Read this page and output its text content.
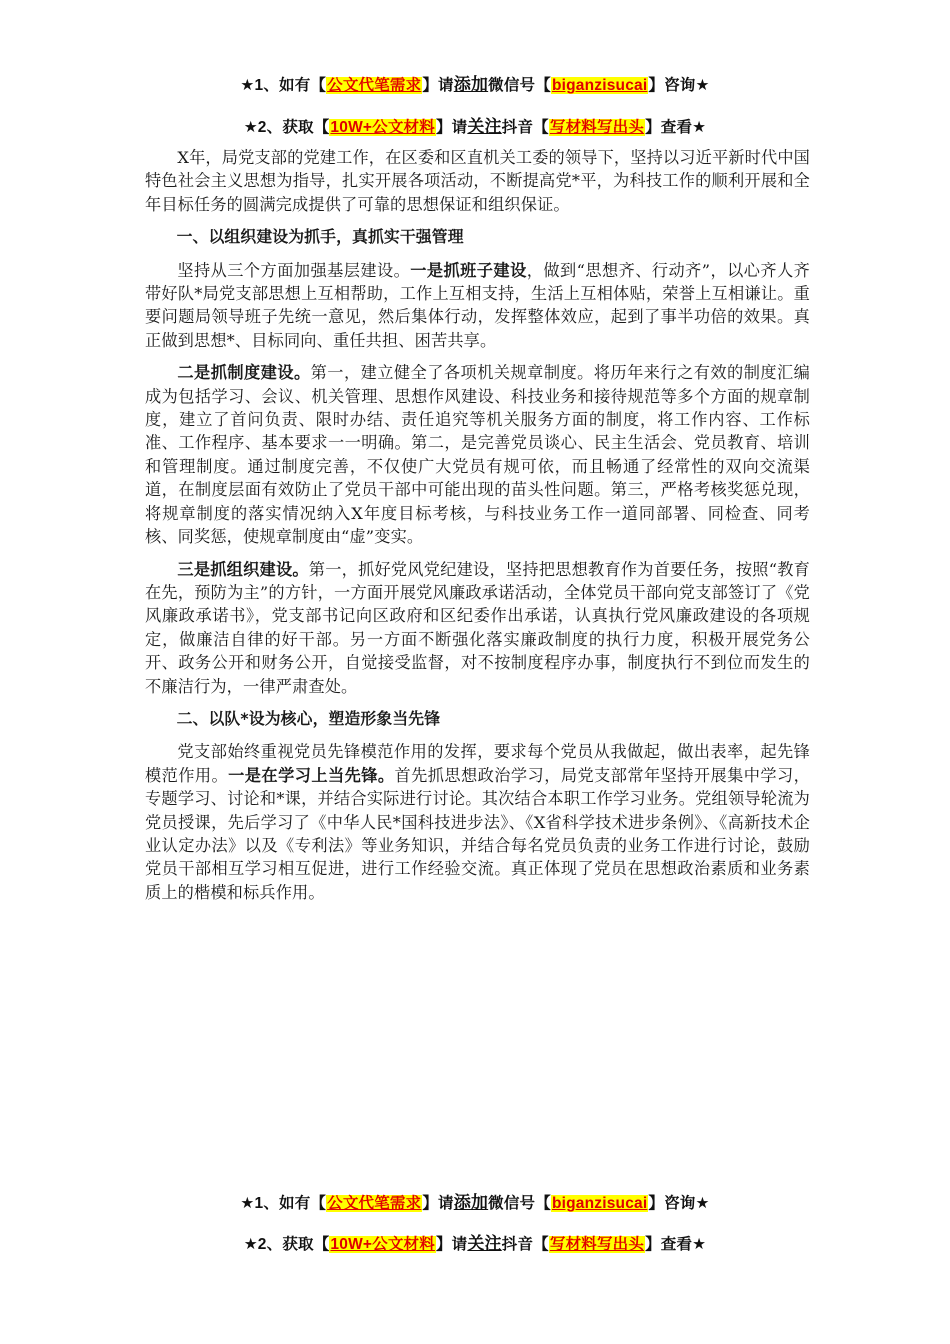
★1、如有【公文代笔需求】请添加微信号【biganzisucai】咨询★
★2、获取【10W+公文材料】请关注抖音【写材料写出头】查看★

X年，局党支部的党建工作，在区委和区直机关工委的领导下，坚持以习近平新时代中国特色社会主义思想为指导，扎实开展各项活动，不断提高党*平，为科技工作的顺利开展和全年目标任务的圆满完成提供了可靠的思想保证和组织保证。

一、以组织建设为抓手，真抓实干强管理

坚持从三个方面加强基层建设。一是抓班子建设，做到“思想齐、行动齐”，以心齐人齐带好队*局党支部思想上互相帮助，工作上互相支持，生活上互相体贴，荣誉上互相谦让。重要问题局领导班子先统一意见，然后集体行动，发挥整体效应，起到了事半功倍的效果。真正做到思想*、目标同向、重任共担、困苦共享。

二是抓制度建设。第一，建立健全了各项机关规章制度。将历年来行之有效的制度汇编成为包括学习、会议、机关管理、思想作风建设、科技业务和接待规范等多个方面的规章制度，建立了首问负责、限时办结、责任追究等机关服务方面的制度，将工作内容、工作标准、工作程序、基本要求一一明确。第二，是完善党员谈心、民主生活会、党员教育、培训和管理制度。通过制度完善，不仅使广大党员有规可依，而且畅通了经常性的双向交流渠道，在制度层面有效防止了党员干部中可能出现的苗头性问题。第三，严格考核奖惩兑现，将规章制度的落实情况纳入X年度目标考核，与科技业务工作一道同部署、同检查、同考核、同奖惩，使规章制度由“虚”变实。

三是抓组织建设。第一，抓好党风党纪建设，坚持把思想教育作为首要任务，按照“教育在先，预防为主”的方针，一方面开展党风廉政承诺活动，全体党员干部向党支部签订了《党风廉政承诺书》，党支部书记向区政府和区纪委作出承诺，认真执行党风廉政建设的各项规定，做廉洁自律的好干部。另一方面不断强化落实廉政制度的执行力度，积极开展党务公开、政务公开和财务公开，自觉接受监督，对不按制度程序办事，制度执行不到位而发生的不廉洁行为，一律严肃查处。

二、以队*设为核心，塑造形象当先锋

党支部始终重视党员先锋模范作用的发挥，要求每个党员从我做起，做出表率，起先锋模范作用。一是在学习上当先锋。首先抓思想政治学习，局党支部常年坚持开展集中学习，专题学习、讨论和*课，并结合实际进行讨论。其次结合本职工作学习业务。党组领导轮流为党员授课，先后学习了《中华人民*国科技进步法》、《X省科学技术进步条例》、《高新技术企业认定办法》以及《专利法》等业务知识，并结合每名党员负责的业务工作进行讨论，鼓励党员干部相互学习相互促进，进行工作经验交流。真正体现了党员在思想政治素质和业务素质上的楷模和标兵作用。

★1、如有【公文代笔需求】请添加微信号【biganzisucai】咨询★
★2、获取【10W+公文材料】请关注抖音【写材料写出头】查看★
